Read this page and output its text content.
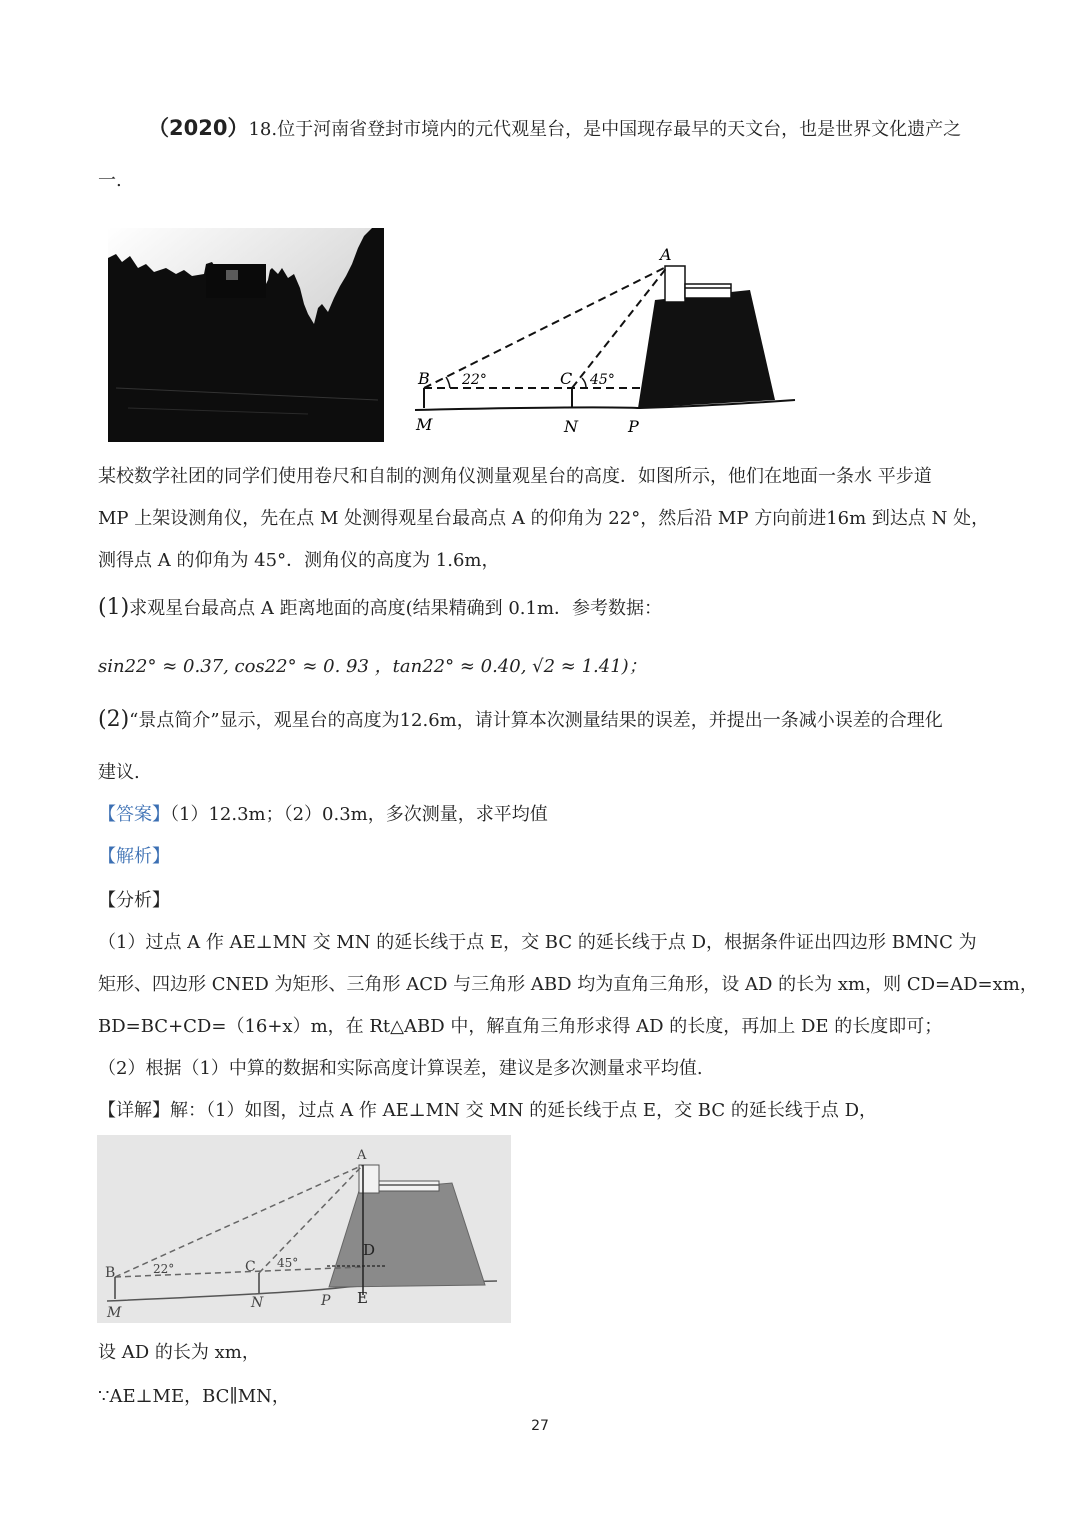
（2020）18.位于河南省登封市境内的元代观星台，是中国现存最早的天文台，也是世界文化遗产之
一.
A
B	C
22°	45°
M	N	P
某校数学社团的同学们使用卷尺和自制的测角仪测量观星台的高度．如图所示，他们在地面一条水 平步道
MP 上架设测角仪，先在点 M 处测得观星台最高点 A 的仰角为 22°，然后沿 MP 方向前进16m 到达点 N 处，
测得点 A 的仰角为 45°．测角仪的高度为 1.6m，
(1)求观星台最高点 A 距离地面的高度(结果精确到 0.1m．参考数据：
sin22° ≈ 0.37, cos22° ≈ 0. 93 ，tan22° ≈ 0.40, √2 ≈ 1.41)；
(2)“景点简介”显示，观星台的高度为12.6m，请计算本次测量结果的误差，并提出一条减小误差的合理化
建议.
【答案】（1）12.3m；（2）0.3m，多次测量，求平均值
【解析】
【分析】
（1）过点 A 作 AE⊥MN 交 MN 的延长线于点 E，交 BC 的延长线于点 D，根据条件证出四边形 BMNC 为
矩形、四边形 CNED 为矩形、三角形 ACD 与三角形 ABD 均为直角三角形，设 AD 的长为 xm，则 CD=AD=xm，
BD=BC+CD=（16+x）m，在 Rt△ABD 中，解直角三角形求得 AD 的长度，再加上 DE 的长度即可；
（2）根据（1）中算的数据和实际高度计算误差，建议是多次测量求平均值.
【详解】解：（1）如图，过点 A 作 AE⊥MN 交 MN 的延长线于点 E，交 BC 的延长线于点 D，
A
B	C
22°	45°
D
E
M
N	P
设 AD 的长为 xm，
∵AE⊥ME，BC∥MN，
27
